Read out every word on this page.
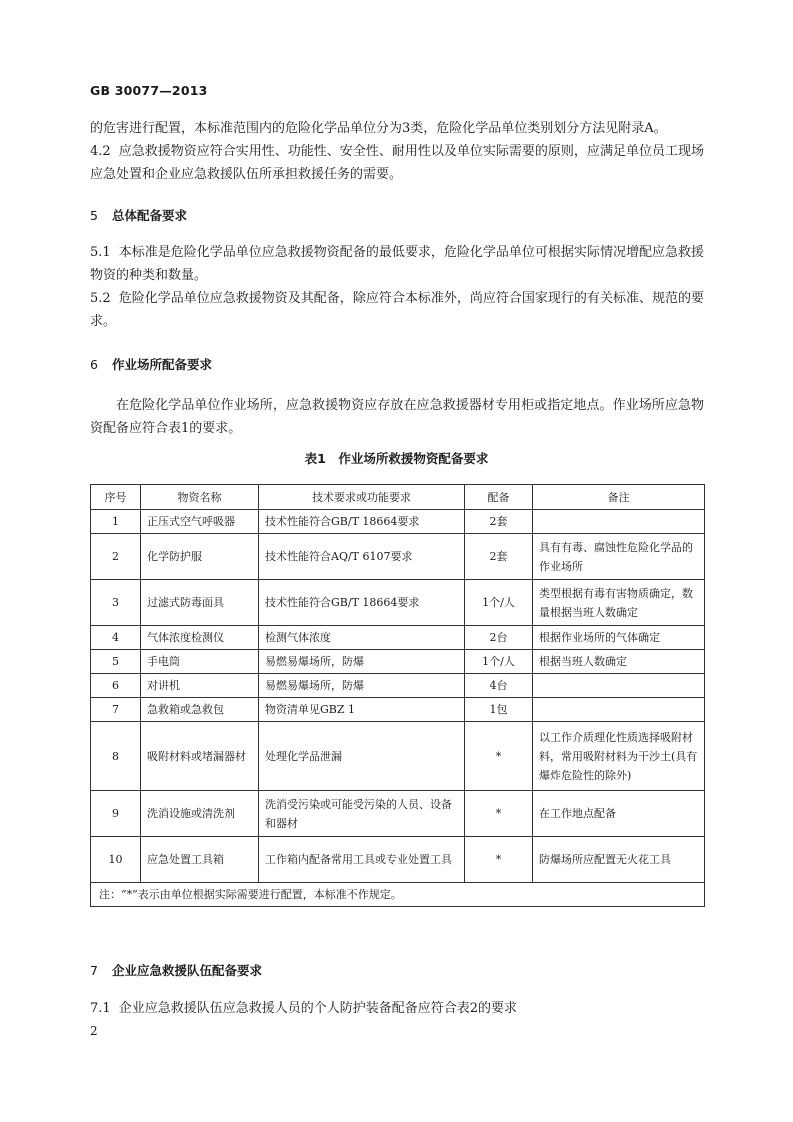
GB 30077—2013
的危害进行配置，本标准范围内的危险化学品单位分为3类，危险化学品单位类别划分方法见附录A。
4.2 应急救援物资应符合实用性、功能性、安全性、耐用性以及单位实际需要的原则，应满足单位员工现场应急处置和企业应急救援队伍所承担救援任务的需要。
5 总体配备要求
5.1 本标准是危险化学品单位应急救援物资配备的最低要求，危险化学品单位可根据实际情况增配应急救援物资的种类和数量。
5.2 危险化学品单位应急救援物资及其配备，除应符合本标准外，尚应符合国家现行的有关标准、规范的要求。
6 作业场所配备要求
在危险化学品单位作业场所，应急救援物资应存放在应急救援器材专用柜或指定地点。作业场所应急物资配备应符合表1的要求。
表1　作业场所救援物资配备要求
序号	物资名称	技术要求或功能要求	配备	备注
1	正压式空气呼吸器	技术性能符合GB/T 18664要求	2套	
2	化学防护服	技术性能符合AQ/T 6107要求	2套	具有有毒、腐蚀性危险化学品的作业场所
3	过滤式防毒面具	技术性能符合GB/T 18664要求	1个/人	类型根据有毒有害物质确定，数量根据当班人数确定
4	气体浓度检测仪	检测气体浓度	2台	根据作业场所的气体确定
5	手电筒	易燃易爆场所，防爆	1个/人	根据当班人数确定
6	对讲机	易燃易爆场所，防爆	4台	
7	急救箱或急救包	物资清单见GBZ 1	1包	
8	吸附材料或堵漏器材	处理化学品泄漏	*	以工作介质理化性质选择吸附材料，常用吸附材料为干沙土(具有爆炸危险性的除外)
9	洗消设施或清洗剂	洗消受污染或可能受污染的人员、设备和器材	*	在工作地点配备
10	应急处置工具箱	工作箱内配备常用工具或专业处置工具	*	防爆场所应配置无火花工具
注：“*”表示由单位根据实际需要进行配置，本标准不作规定。				
7 企业应急救援队伍配备要求
7.1 企业应急救援队伍应急救援人员的个人防护装备配备应符合表2的要求
2
